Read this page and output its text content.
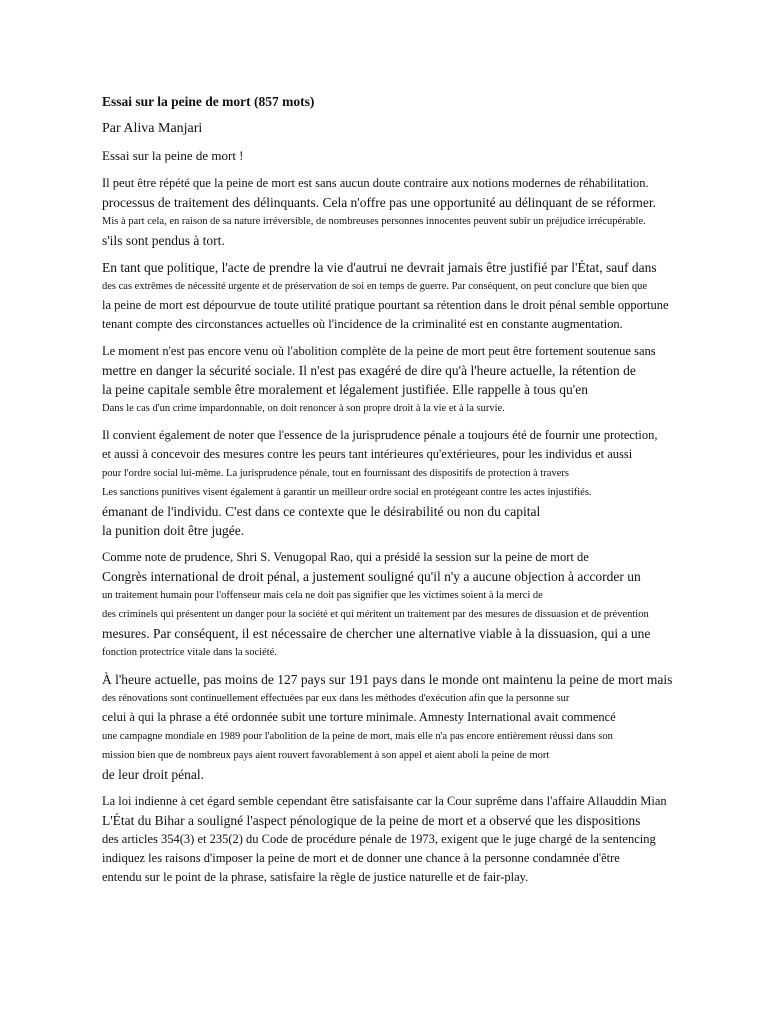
Essai sur la peine de mort (857 mots)
Par Aliva Manjari
Essai sur la peine de mort !
Il peut être répété que la peine de mort est sans aucun doute contraire aux notions modernes de réhabilitation.
processus de traitement des délinquants. Cela n'offre pas une opportunité au délinquant de se réformer.
Mis à part cela, en raison de sa nature irréversible, de nombreuses personnes innocentes peuvent subir un préjudice irrécupérable.
s'ils sont pendus à tort.
En tant que politique, l'acte de prendre la vie d'autrui ne devrait jamais être justifié par l'État, sauf dans
des cas extrêmes de nécessité urgente et de préservation de soi en temps de guerre. Par conséquent, on peut conclure que bien que
la peine de mort est dépourvue de toute utilité pratique pourtant sa rétention dans le droit pénal semble opportune
tenant compte des circonstances actuelles où l'incidence de la criminalité est en constante augmentation.
Le moment n'est pas encore venu où l'abolition complète de la peine de mort peut être fortement soutenue sans
mettre en danger la sécurité sociale. Il n'est pas exagéré de dire qu'à l'heure actuelle, la rétention de
la peine capitale semble être moralement et légalement justifiée. Elle rappelle à tous qu'en
Dans le cas d'un crime impardonnable, on doit renoncer à son propre droit à la vie et à la survie.
Il convient également de noter que l'essence de la jurisprudence pénale a toujours été de fournir une protection,
et aussi à concevoir des mesures contre les peurs tant intérieures qu'extérieures, pour les individus et aussi
pour l'ordre social lui-même. La jurisprudence pénale, tout en fournissant des dispositifs de protection à travers
Les sanctions punitives visent également à garantir un meilleur ordre social en protégeant contre les actes injustifiés.
émanant de l'individu. C'est dans ce contexte que le désirabilité ou non du capital
la punition doit être jugée.
Comme note de prudence, Shri S. Venugopal Rao, qui a présidé la session sur la peine de mort de
Congrès international de droit pénal, a justement souligné qu'il n'y a aucune objection à accorder un
un traitement humain pour l'offenseur mais cela ne doit pas signifier que les victimes soient à la merci de
des criminels qui présentent un danger pour la société et qui méritent un traitement par des mesures de dissuasion et de prévention
mesures. Par conséquent, il est nécessaire de chercher une alternative viable à la dissuasion, qui a une
fonction protectrice vitale dans la société.
À l'heure actuelle, pas moins de 127 pays sur 191 pays dans le monde ont maintenu la peine de mort mais
des rénovations sont continuellement effectuées par eux dans les méthodes d'exécution afin que la personne sur
celui à qui la phrase a été ordonnée subit une torture minimale. Amnesty International avait commencé
une campagne mondiale en 1989 pour l'abolition de la peine de mort, mais elle n'a pas encore entièrement réussi dans son
mission bien que de nombreux pays aient rouvert favorablement à son appel et aient aboli la peine de mort
de leur droit pénal.
La loi indienne à cet égard semble cependant être satisfaisante car la Cour suprême dans l'affaire Allauddin Mian
L'État du Bihar a souligné l'aspect pénologique de la peine de mort et a observé que les dispositions
des articles 354(3) et 235(2) du Code de procédure pénale de 1973, exigent que le juge chargé de la sentencing
indiquez les raisons d'imposer la peine de mort et de donner une chance à la personne condamnée d'être
entendu sur le point de la phrase, satisfaire la règle de justice naturelle et de fair-play.
